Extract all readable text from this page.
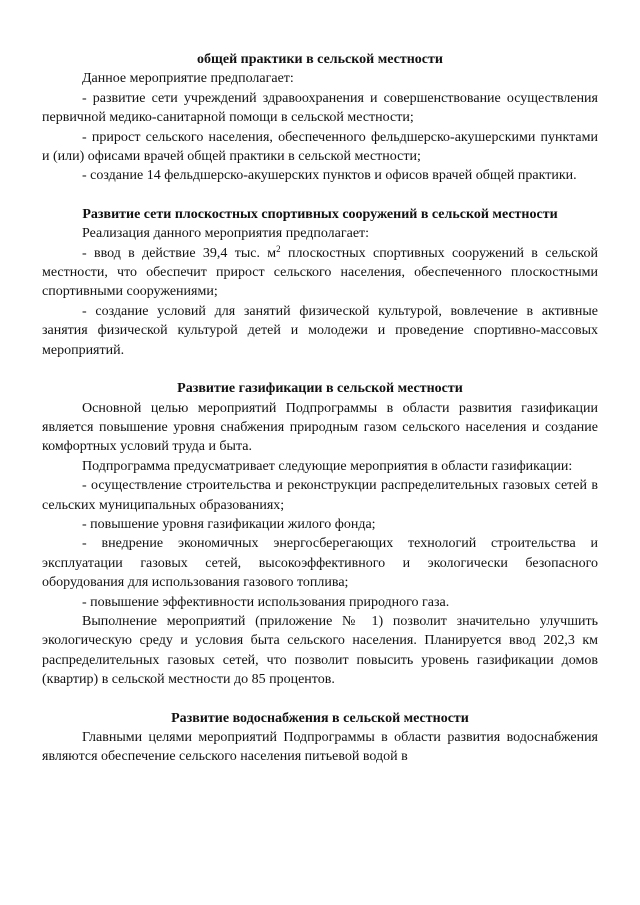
общей практики в сельской местности

Данное мероприятие предполагает:

- развитие сети учреждений здравоохранения и совершенствование осуществления первичной медико-санитарной помощи в сельской местности;

- прирост сельского населения, обеспеченного фельдшерско-акушерскими пунктами и (или) офисами врачей общей практики в сельской местности;

- создание 14 фельдшерско-акушерских пунктов и офисов врачей общей практики.

Развитие сети плоскостных спортивных сооружений в сельской местности

Реализация данного мероприятия предполагает:

- ввод в действие 39,4 тыс. $м^2$ плоскостных спортивных сооружений в сельской местности, что обеспечит прирост сельского населения, обеспеченного плоскостными спортивными сооружениями;

- создание условий для занятий физической культурой, вовлечение в активные занятия физической культурой детей и молодежи и проведение спортивно-массовых мероприятий.

Развитие газификации в сельской местности

Основной целью мероприятий Подпрограммы в области развития газификации является повышение уровня снабжения природным газом сельского населения и создание комфортных условий труда и быта.

Подпрограмма предусматривает следующие мероприятия в области газификации:

- осуществление строительства и реконструкции распределительных газовых сетей в сельских муниципальных образованиях;

- повышение уровня газификации жилого фонда;

- внедрение экономичных энергосберегающих технологий строительства и эксплуатации газовых сетей, высокоэффективного и экологически безопасного оборудования для использования газового топлива;

- повышение эффективности использования природного газа.

Выполнение мероприятий (приложение № 1) позволит значительно улучшить экологическую среду и условия быта сельского населения. Планируется ввод 202,3 км распределительных газовых сетей, что позволит повысить уровень газификации домов (квартир) в сельской местности до 85 процентов.

Развитие водоснабжения в сельской местности

Главными целями мероприятий Подпрограммы в области развития водоснабжения являются обеспечение сельского населения питьевой водой в
